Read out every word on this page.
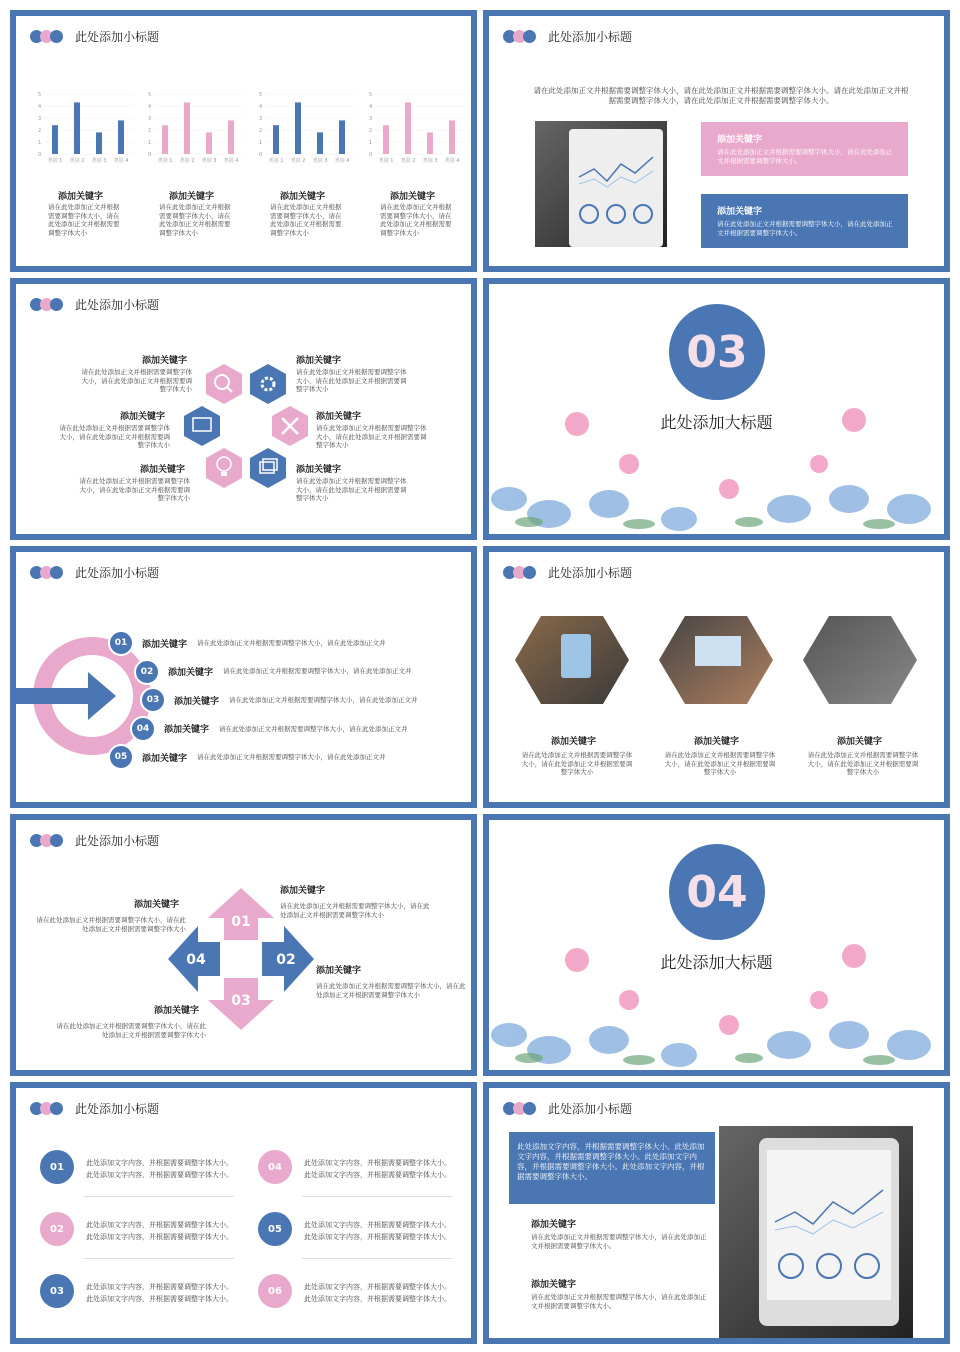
此处添加小标题
5
4
3
2
1
0
类别 1 类别 2 类别 3 类别 4
5
4
3
2
1
0
类别 1 类别 2 类别 3 类别 4
5
4
3
2
1
0
类别 1 类别 2 类别 3 类别 4
5
4
3
2
1
0
类别 1 类别 2 类别 3 类别 4
添加关键字
请在此处添加正文并根据需要调整字体大小，请在此处添加正文并根据需要调整字体大小
添加关键字
请在此处添加正文并根据需要调整字体大小，请在此处添加正文并根据需要调整字体大小
添加关键字
请在此处添加正文并根据需要调整字体大小，请在此处添加正文并根据需要调整字体大小
添加关键字
请在此处添加正文并根据需要调整字体大小，请在此处添加正文并根据需要调整字体大小
此处添加小标题
请在此处添加正文并根据需要调整字体大小，请在此处添加正文并根据需要调整字体大小。请在此处添加正文并根据需要调整字体大小，请在此处添加正文并根据需要调整字体大小。
添加关键字
请在此处添加正文并根据需要调整字体大小，请在此处添加正文并根据需要调整字体大小。
添加关键字
请在此处添加正文并根据需要调整字体大小，请在此处添加正文并根据需要调整字体大小。
此处添加小标题
添加关键字
请在此处添加正文并根据需要调整字体大小，请在此处添加正文并根据需要调整字体大小
添加关键字
请在此处添加正文并根据需要调整字体大小，请在此处添加正文并根据需要调整字体大小
添加关键字
请在此处添加正文并根据需要调整字体大小，请在此处添加正文并根据需要调整字体大小
添加关键字
请在此处添加正文并根据需要调整字体大小，请在此处添加正文并根据需要调整字体大小
添加关键字
请在此处添加正文并根据需要调整字体大小，请在此处添加正文并根据需要调整字体大小
添加关键字
请在此处添加正文并根据需要调整字体大小，请在此处添加正文并根据需要调整字体大小
03
此处添加大标题
此处添加小标题
01	添加关键字 请在此处添加正文并根据需要调整字体大小，请在此处添加正文并
02	添加关键字 请在此处添加正文并根据需要调整字体大小，请在此处添加正文并
03	添加关键字 请在此处添加正文并根据需要调整字体大小，请在此处添加正文并
04	添加关键字 请在此处添加正文并根据需要调整字体大小，请在此处添加正文并
05	添加关键字 请在此处添加正文并根据需要调整字体大小，请在此处添加正文并
此处添加小标题
添加关键字
请在此处添加正文并根据需要调整字体大小，请在此处添加正文并根据需要调整字体大小
添加关键字
请在此处添加正文并根据需要调整字体大小，请在此处添加正文并根据需要调整字体大小
添加关键字
请在此处添加正文并根据需要调整字体大小，请在此处添加正文并根据需要调整字体大小
此处添加小标题
01
03
04	02
添加关键字
请在此处添加正文并根据需要调整字体大小，请在此处添加正文并根据需要调整字体大小
添加关键字
请在此处添加正文并根据需要调整字体大小，请在此处添加正文并根据需要调整字体大小
添加关键字
请在此处添加正文并根据需要调整字体大小，请在此处添加正文并根据需要调整字体大小
添加关键字
请在此处添加正文并根据需要调整字体大小，请在此处添加正文并根据需要调整字体大小
04
此处添加大标题
此处添加小标题
01	此处添加文字内容，并根据需要调整字体大小。此处添加文字内容，并根据需要调整字体大小。
02	此处添加文字内容，并根据需要调整字体大小。此处添加文字内容，并根据需要调整字体大小。
03	此处添加文字内容，并根据需要调整字体大小。此处添加文字内容，并根据需要调整字体大小。
04	此处添加文字内容，并根据需要调整字体大小。此处添加文字内容，并根据需要调整字体大小。
05	此处添加文字内容，并根据需要调整字体大小。此处添加文字内容，并根据需要调整字体大小。
06	此处添加文字内容，并根据需要调整字体大小。此处添加文字内容，并根据需要调整字体大小。
此处添加小标题
此处添加文字内容，并根据需要调整字体大小。此处添加文字内容，并根据需要调整字体大小。此处添加文字内容，并根据需要调整字体大小。此处添加文字内容，并根据需要调整字体大小。
添加关键字
请在此处添加正文并根据需要调整字体大小，请在此处添加正文并根据需要调整字体大小。
添加关键字
请在此处添加正文并根据需要调整字体大小，请在此处添加正文并根据需要调整字体大小。
